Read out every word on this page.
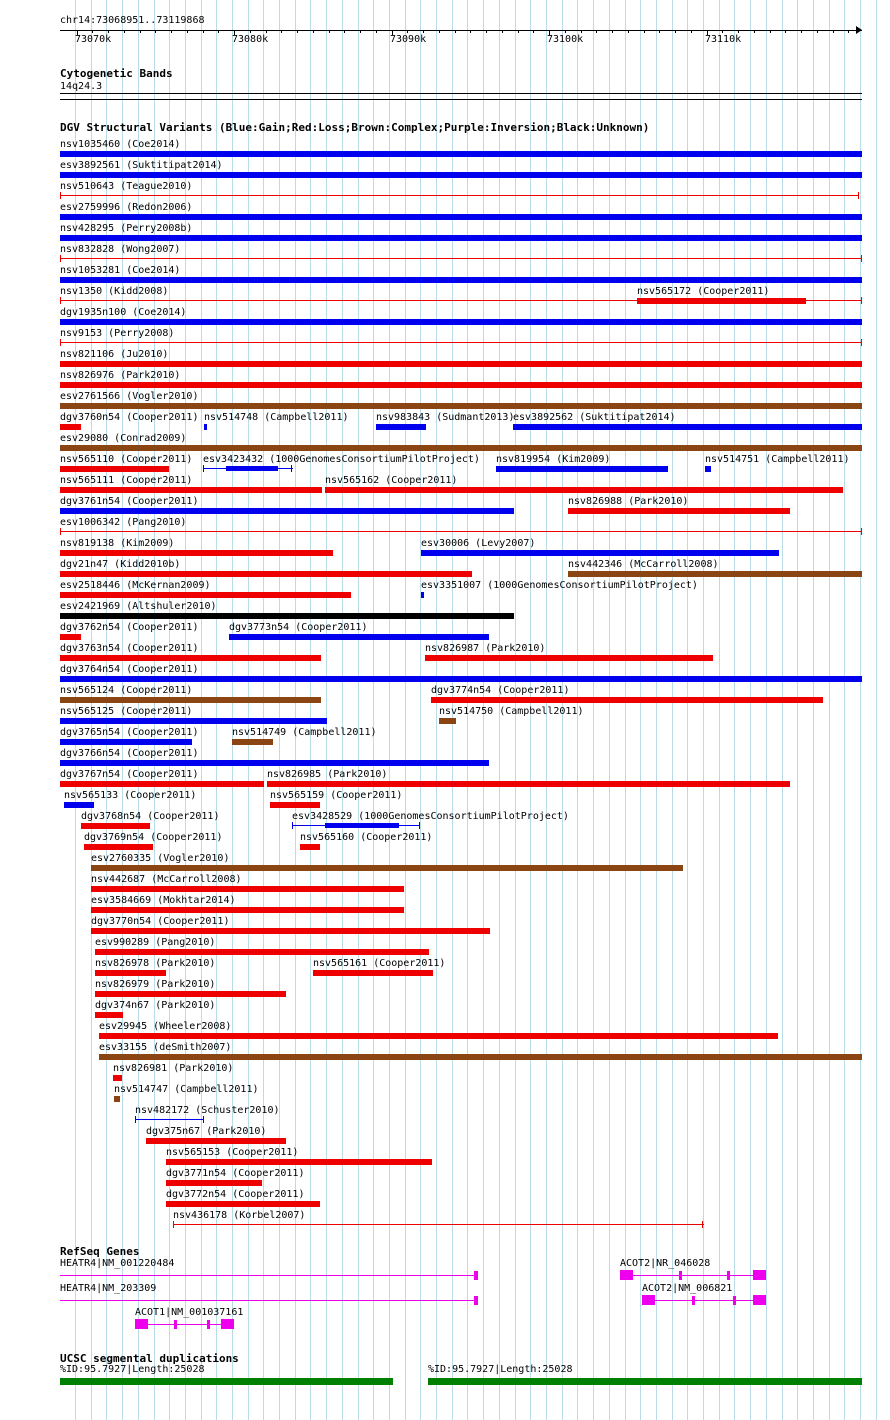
chr14:73068951..73119868
73070k	73080k	73090k	73100k	73110k
Cytogenetic Bands
14q24.3
DGV Structural Variants (Blue:Gain;Red:Loss;Brown:Complex;Purple:Inversion;Black:Unknown)
nsv1035460 (Coe2014)
esv3892561 (Suktitipat2014)
nsv510643 (Teague2010)
esv2759996 (Redon2006)
nsv428295 (Perry2008b)
nsv832828 (Wong2007)
nsv1053281 (Coe2014)
nsv1350 (Kidd2008)	nsv565172 (Cooper2011)
dgv1935n100 (Coe2014)
nsv9153 (Perry2008)
nsv821106 (Ju2010)
nsv826976 (Park2010)
esv2761566 (Vogler2010)
dgv3760n54 (Cooper2011) nsv514748 (Campbell2011)	nsv983843 (Sudmant2013)
esv3892562 (Suktitipat2014)
esv29080 (Conrad2009)
nsv565110 (Cooper2011) esv3423432 (1000GenomesConsortiumPilotProject) nsv819954 (Kim2009)	nsv514751 (Campbell2011)
nsv565111 (Cooper2011)	nsv565162 (Cooper2011)
dgv3761n54 (Cooper2011)	nsv826988 (Park2010)
esv1006342 (Pang2010)
nsv819138 (Kim2009)	esv30006 (Levy2007)
dgv21n47 (Kidd2010b)	nsv442346 (McCarroll2008)
esv2518446 (McKernan2009)	esv3351007 (1000GenomesConsortiumPilotProject)
esv2421969 (Altshuler2010)
dgv3762n54 (Cooper2011)	dgv3773n54 (Cooper2011)
dgv3763n54 (Cooper2011)	nsv826987 (Park2010)
dgv3764n54 (Cooper2011)
nsv565124 (Cooper2011)	dgv3774n54 (Cooper2011)
nsv565125 (Cooper2011)	nsv514750 (Campbell2011)
dgv3765n54 (Cooper2011)	nsv514749 (Campbell2011)
dgv3766n54 (Cooper2011)
dgv3767n54 (Cooper2011)	nsv826985 (Park2010)
nsv565133 (Cooper2011)	nsv565159 (Cooper2011)
dgv3768n54 (Cooper2011)	esv3428529 (1000GenomesConsortiumPilotProject)
dgv3769n54 (Cooper2011)	nsv565160 (Cooper2011)
esv2760335 (Vogler2010)
nsv442687 (McCarroll2008)
esv3584669 (Mokhtar2014)
dgv3770n54 (Cooper2011)
esv990289 (Pang2010)
nsv826978 (Park2010)	nsv565161 (Cooper2011)
nsv826979 (Park2010)
dgv374n67 (Park2010)
esv29945 (Wheeler2008)
esv33155 (deSmith2007)
nsv826981 (Park2010)
nsv514747 (Campbell2011)
nsv482172 (Schuster2010)
dgv375n67 (Park2010)
nsv565153 (Cooper2011)
dgv3771n54 (Cooper2011)
dgv3772n54 (Cooper2011)
nsv436178 (Korbel2007)
RefSeq Genes
HEATR4|NM_001220484
HEATR4|NM_203309
ACOT2|NR_046028
ACOT2|NM_006821
ACOT1|NM_001037161
UCSC segmental duplications
%ID:95.7927|Length:25028	%ID:95.7927|Length:25028
